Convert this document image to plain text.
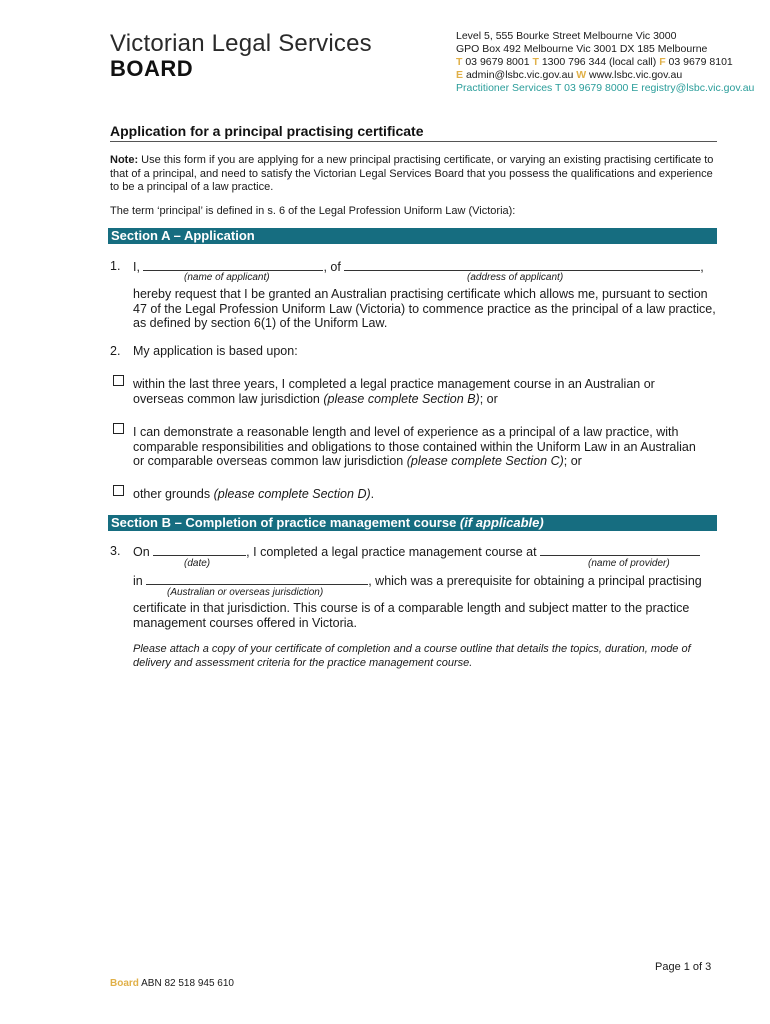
Victorian Legal Services
BOARD
Level 5, 555 Bourke Street Melbourne Vic 3000
GPO Box 492 Melbourne Vic 3001 DX 185 Melbourne
T 03 9679 8001 T 1300 796 344 (local call) F 03 9679 8101
E admin@lsbc.vic.gov.au W www.lsbc.vic.gov.au
Practitioner Services T 03 9679 8000 E registry@lsbc.vic.gov.au
Application for a principal practising certificate
Note: Use this form if you are applying for a new principal practising certificate, or varying an existing practising certificate to that of a principal, and need to satisfy the Victorian Legal Services Board that you possess the qualifications and experience to be a principal of a law practice.
The term ‘principal’ is defined in s. 6 of the Legal Profession Uniform Law (Victoria):
Section A – Application
1. I,	, of	,
(name of applicant)	(address of applicant)
hereby request that I be granted an Australian practising certificate which allows me, pursuant to section 47 of the Legal Profession Uniform Law (Victoria) to commence practice as the principal of a law practice, as defined by section 6(1) of the Uniform Law.
2. My application is based upon:
within the last three years, I completed a legal practice management course in an Australian or overseas common law jurisdiction (please complete Section B); or
I can demonstrate a reasonable length and level of experience as a principal of a law practice, with comparable responsibilities and obligations to those contained within the Uniform Law in an Australian or comparable overseas common law jurisdiction (please complete Section C); or
other grounds (please complete Section D).
Section B – Completion of practice management course (if applicable)
3. On	, I completed a legal practice management course at
(date)	(name of provider)
in	, which was a prerequisite for obtaining a principal practising
(Australian or overseas jurisdiction)
certificate in that jurisdiction. This course is of a comparable length and subject matter to the practice management courses offered in Victoria.
Please attach a copy of your certificate of completion and a course outline that details the topics, duration, mode of delivery and assessment criteria for the practice management course.
Page 1 of 3
Board ABN 82 518 945 610
